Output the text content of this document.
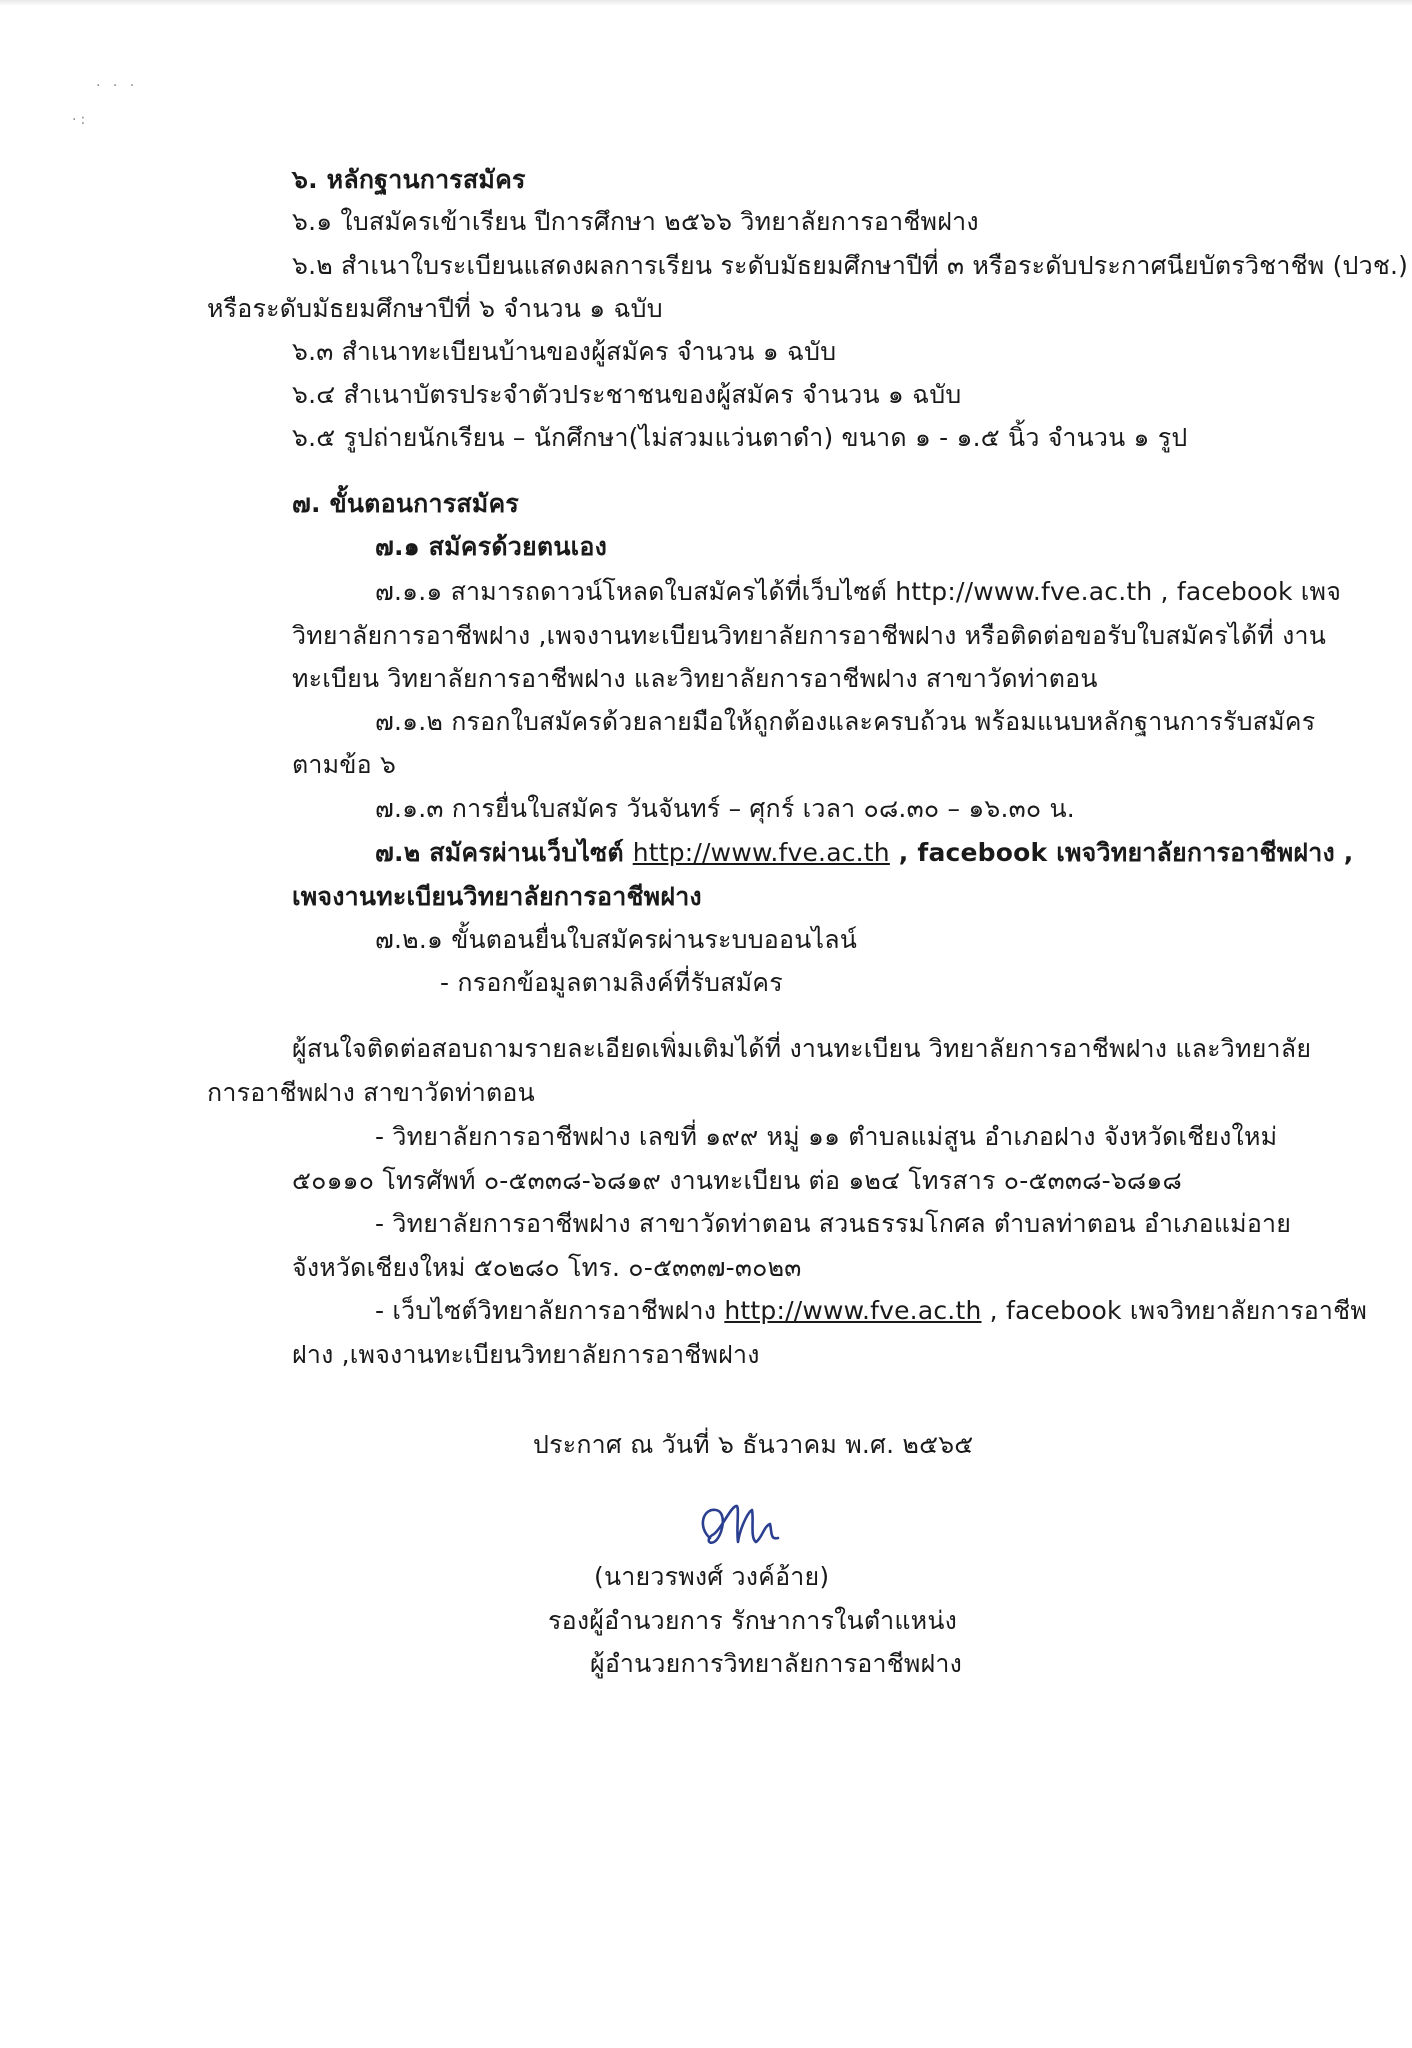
· · ·
·:
๖. หลักฐานการสมัคร
๖.๑ ใบสมัครเข้าเรียน ปีการศึกษา ๒๕๖๖ วิทยาลัยการอาชีพฝาง
๖.๒ สำเนาใบระเบียนแสดงผลการเรียน ระดับมัธยมศึกษาปีที่ ๓ หรือระดับประกาศนียบัตรวิชาชีพ (ปวช.)
หรือระดับมัธยมศึกษาปีที่ ๖ จำนวน ๑ ฉบับ
๖.๓ สำเนาทะเบียนบ้านของผู้สมัคร จำนวน ๑ ฉบับ
๖.๔ สำเนาบัตรประจำตัวประชาชนของผู้สมัคร จำนวน ๑ ฉบับ
๖.๕ รูปถ่ายนักเรียน – นักศึกษา(ไม่สวมแว่นตาดำ) ขนาด ๑ - ๑.๕ นิ้ว จำนวน ๑ รูป
๗. ขั้นตอนการสมัคร
๗.๑ สมัครด้วยตนเอง
๗.๑.๑ สามารถดาวน์โหลดใบสมัครได้ที่เว็บไซต์ http://www.fve.ac.th , facebook เพจ
วิทยาลัยการอาชีพฝาง ,เพจงานทะเบียนวิทยาลัยการอาชีพฝาง หรือติดต่อขอรับใบสมัครได้ที่ งาน
ทะเบียน วิทยาลัยการอาชีพฝาง และวิทยาลัยการอาชีพฝาง สาขาวัดท่าตอน
๗.๑.๒ กรอกใบสมัครด้วยลายมือให้ถูกต้องและครบถ้วน พร้อมแนบหลักฐานการรับสมัคร
ตามข้อ ๖
๗.๑.๓ การยื่นใบสมัคร วันจันทร์ – ศุกร์ เวลา ๐๘.๓๐ – ๑๖.๓๐ น.
๗.๒ สมัครผ่านเว็บไซต์ http://www.fve.ac.th , facebook เพจวิทยาลัยการอาชีพฝาง ,
เพจงานทะเบียนวิทยาลัยการอาชีพฝาง
๗.๒.๑ ขั้นตอนยื่นใบสมัครผ่านระบบออนไลน์
- กรอกข้อมูลตามลิงค์ที่รับสมัคร
ผู้สนใจติดต่อสอบถามรายละเอียดเพิ่มเติมได้ที่ งานทะเบียน วิทยาลัยการอาชีพฝาง และวิทยาลัย
การอาชีพฝาง สาขาวัดท่าตอน
- วิทยาลัยการอาชีพฝาง เลขที่ ๑๙๙ หมู่ ๑๑ ตำบลแม่สูน อำเภอฝาง จังหวัดเชียงใหม่
๕๐๑๑๐ โทรศัพท์ ๐-๕๓๓๘-๖๘๑๙ งานทะเบียน ต่อ ๑๒๔ โทรสาร ๐-๕๓๓๘-๖๘๑๘
- วิทยาลัยการอาชีพฝาง สาขาวัดท่าตอน สวนธรรมโกศล ตำบลท่าตอน อำเภอแม่อาย
จังหวัดเชียงใหม่ ๕๐๒๘๐ โทร. ๐-๕๓๓๗-๓๐๒๓
- เว็บไซต์วิทยาลัยการอาชีพฝาง http://www.fve.ac.th , facebook เพจวิทยาลัยการอาชีพ
ฝาง ,เพจงานทะเบียนวิทยาลัยการอาชีพฝาง
ประกาศ ณ วันที่ ๖ ธันวาคม พ.ศ. ๒๕๖๕
(นายวรพงศ์ วงค์อ้าย)
รองผู้อำนวยการ รักษาการในตำแหน่ง
ผู้อำนวยการวิทยาลัยการอาชีพฝาง
